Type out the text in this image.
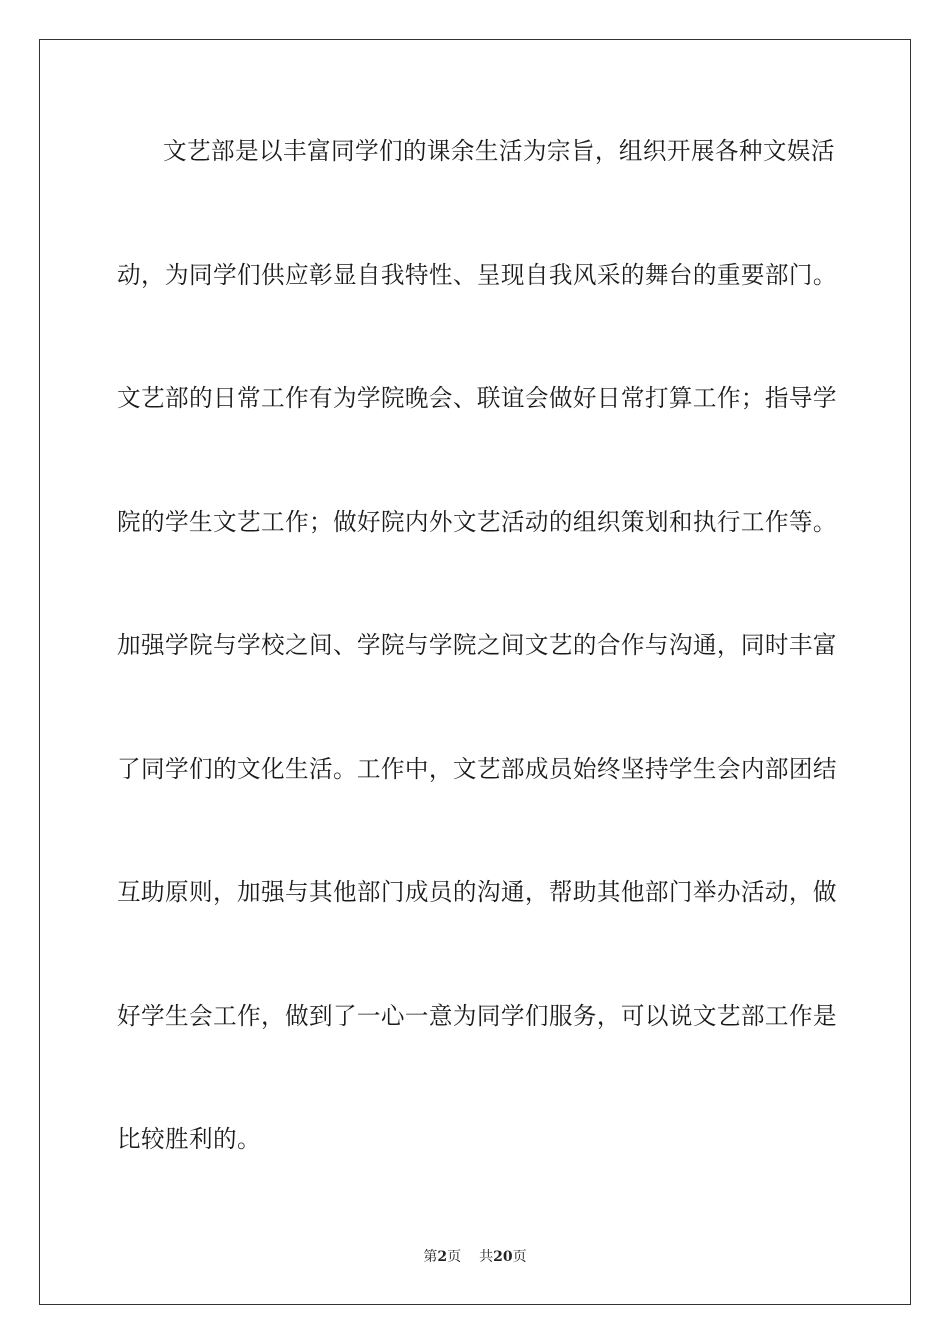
文艺部是以丰富同学们的课余生活为宗旨，组织开展各种文娱活
动，为同学们供应彰显自我特性、呈现自我风采的舞台的重要部门。
文艺部的日常工作有为学院晚会、联谊会做好日常打算工作；指导学
院的学生文艺工作；做好院内外文艺活动的组织策划和执行工作等。
加强学院与学校之间、学院与学院之间文艺的合作与沟通，同时丰富
了同学们的文化生活。工作中，文艺部成员始终坚持学生会内部团结
互助原则，加强与其他部门成员的沟通，帮助其他部门举办活动，做
好学生会工作，做到了一心一意为同学们服务，可以说文艺部工作是
比较胜利的。
第2页 共20页
